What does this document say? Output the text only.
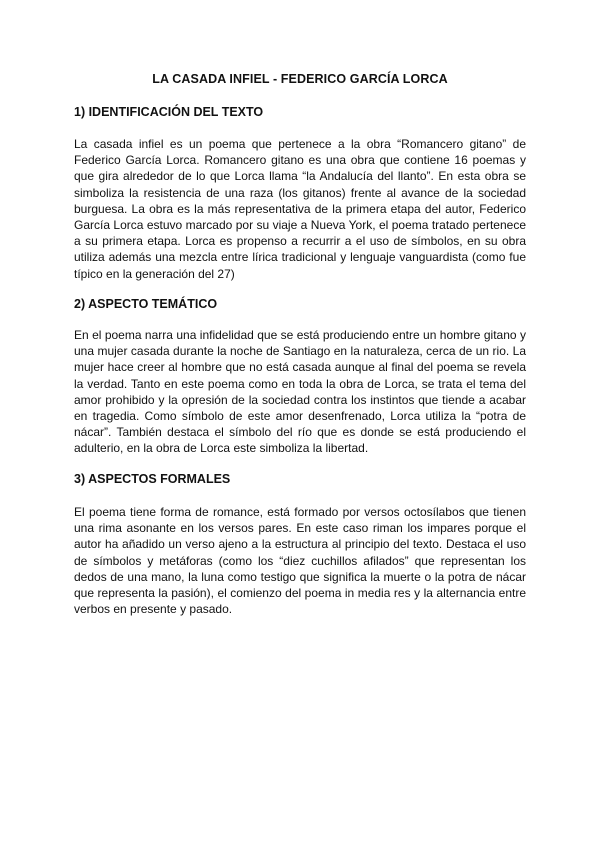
LA CASADA INFIEL - FEDERICO GARCÍA LORCA
1) IDENTIFICACIÓN DEL TEXTO
La casada infiel es un poema que pertenece a la obra “Romancero gitano” de Federico García Lorca. Romancero gitano es una obra que contiene 16 poemas y que gira alrededor de lo que Lorca llama “la Andalucía del llanto”. En esta obra se simboliza la resistencia de una raza (los gitanos) frente al avance de la sociedad burguesa. La obra es la más representativa de la primera etapa del autor, Federico García Lorca estuvo marcado por su viaje a Nueva York, el poema tratado pertenece a su primera etapa. Lorca es propenso a recurrir a el uso de símbolos, en su obra utiliza además una mezcla entre lírica tradicional y lenguaje vanguardista (como fue típico en la generación del 27)
2) ASPECTO TEMÁTICO
En el poema narra una infidelidad que se está produciendo entre un hombre gitano y una mujer casada durante la noche de Santiago en la naturaleza, cerca de un rio. La mujer hace creer al hombre que no está casada aunque al final del poema se revela la verdad. Tanto en este poema como en toda la obra de Lorca, se trata el tema del amor prohibido y la opresión de la sociedad contra los instintos que tiende a acabar en tragedia. Como símbolo de este amor desenfrenado, Lorca utiliza la “potra de nácar”. También destaca el símbolo del río que es donde se está produciendo el adulterio, en la obra de Lorca este simboliza la libertad.
3) ASPECTOS FORMALES
El poema tiene forma de romance, está formado por versos octosílabos que tienen una rima asonante en los versos pares. En este caso riman los impares porque el autor ha añadido un verso ajeno a la estructura al principio del texto. Destaca el uso de símbolos y metáforas (como los “diez cuchillos afilados” que representan los dedos de una mano, la luna como testigo que significa la muerte o la potra de nácar que representa la pasión), el comienzo del poema in media res y la alternancia entre verbos en presente y pasado.
